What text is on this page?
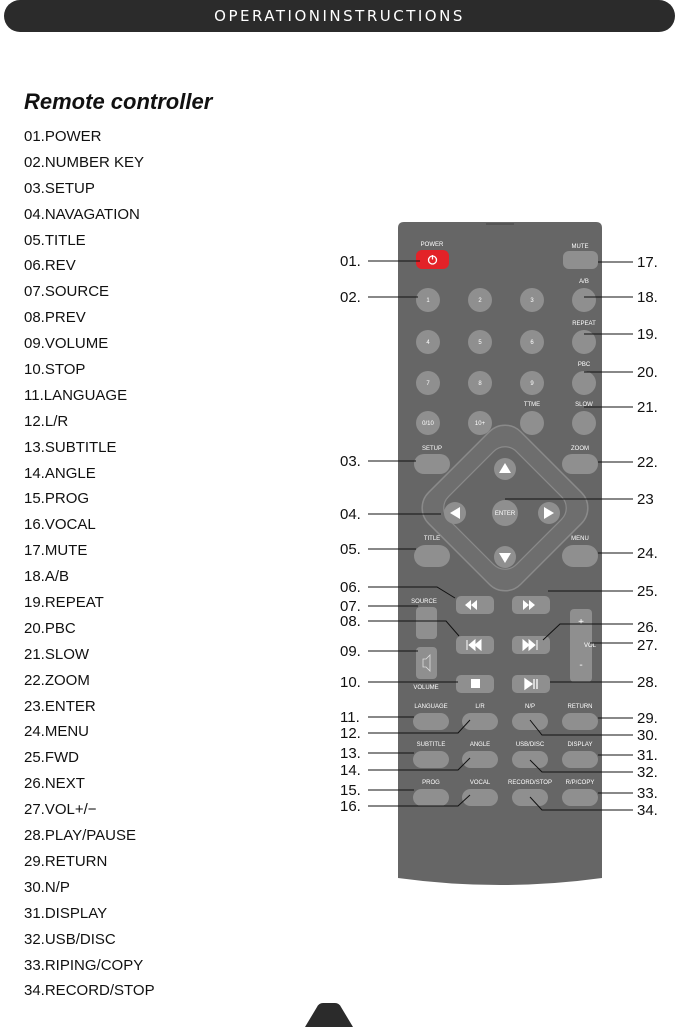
OPERATIONINSTRUCTIONS
Remote controller
01.POWER
02.NUMBER KEY
03.SETUP
04.NAVAGATION
05.TITLE
06.REV
07.SOURCE
08.PREV
09.VOLUME
10.STOP
11.LANGUAGE
12.L/R
13.SUBTITLE
14.ANGLE
15.PROG
16.VOCAL
17.MUTE
18.A/B
19.REPEAT
20.PBC
21.SLOW
22.ZOOM
23.ENTER
24.MENU
25.FWD
26.NEXT
27.VOL+/−
28.PLAY/PAUSE
29.RETURN
30.N/P
31.DISPLAY
32.USB/DISC
33.RIPING/COPY
34.RECORD/STOP
POWER	MUTE
1	2	3
A/B
4	5	6
REPEAT
7	8	9
PBC
0/10	10+
TTME	SLOW
SETUP	ZOOM
ENTER
TITLE	MENU
SOURCE
+
VOL
-
VOLUME
LANGUAGE	L/R	N/P	RETURN
SUBTITLE	ANGLE	USB/DISC	DISPLAY
PROG	VOCAL	RECORD/STOP R/P/COPY
01.
02.
03.
04.
05.
06.
07.
08.
09.
10.
11.
12.
13.
14.
15.
16.
17.
18.
19.
20.
21.
22.
23
24.
25.
26.
27.
28.
29.
30.
31.
32.
33.
34.
